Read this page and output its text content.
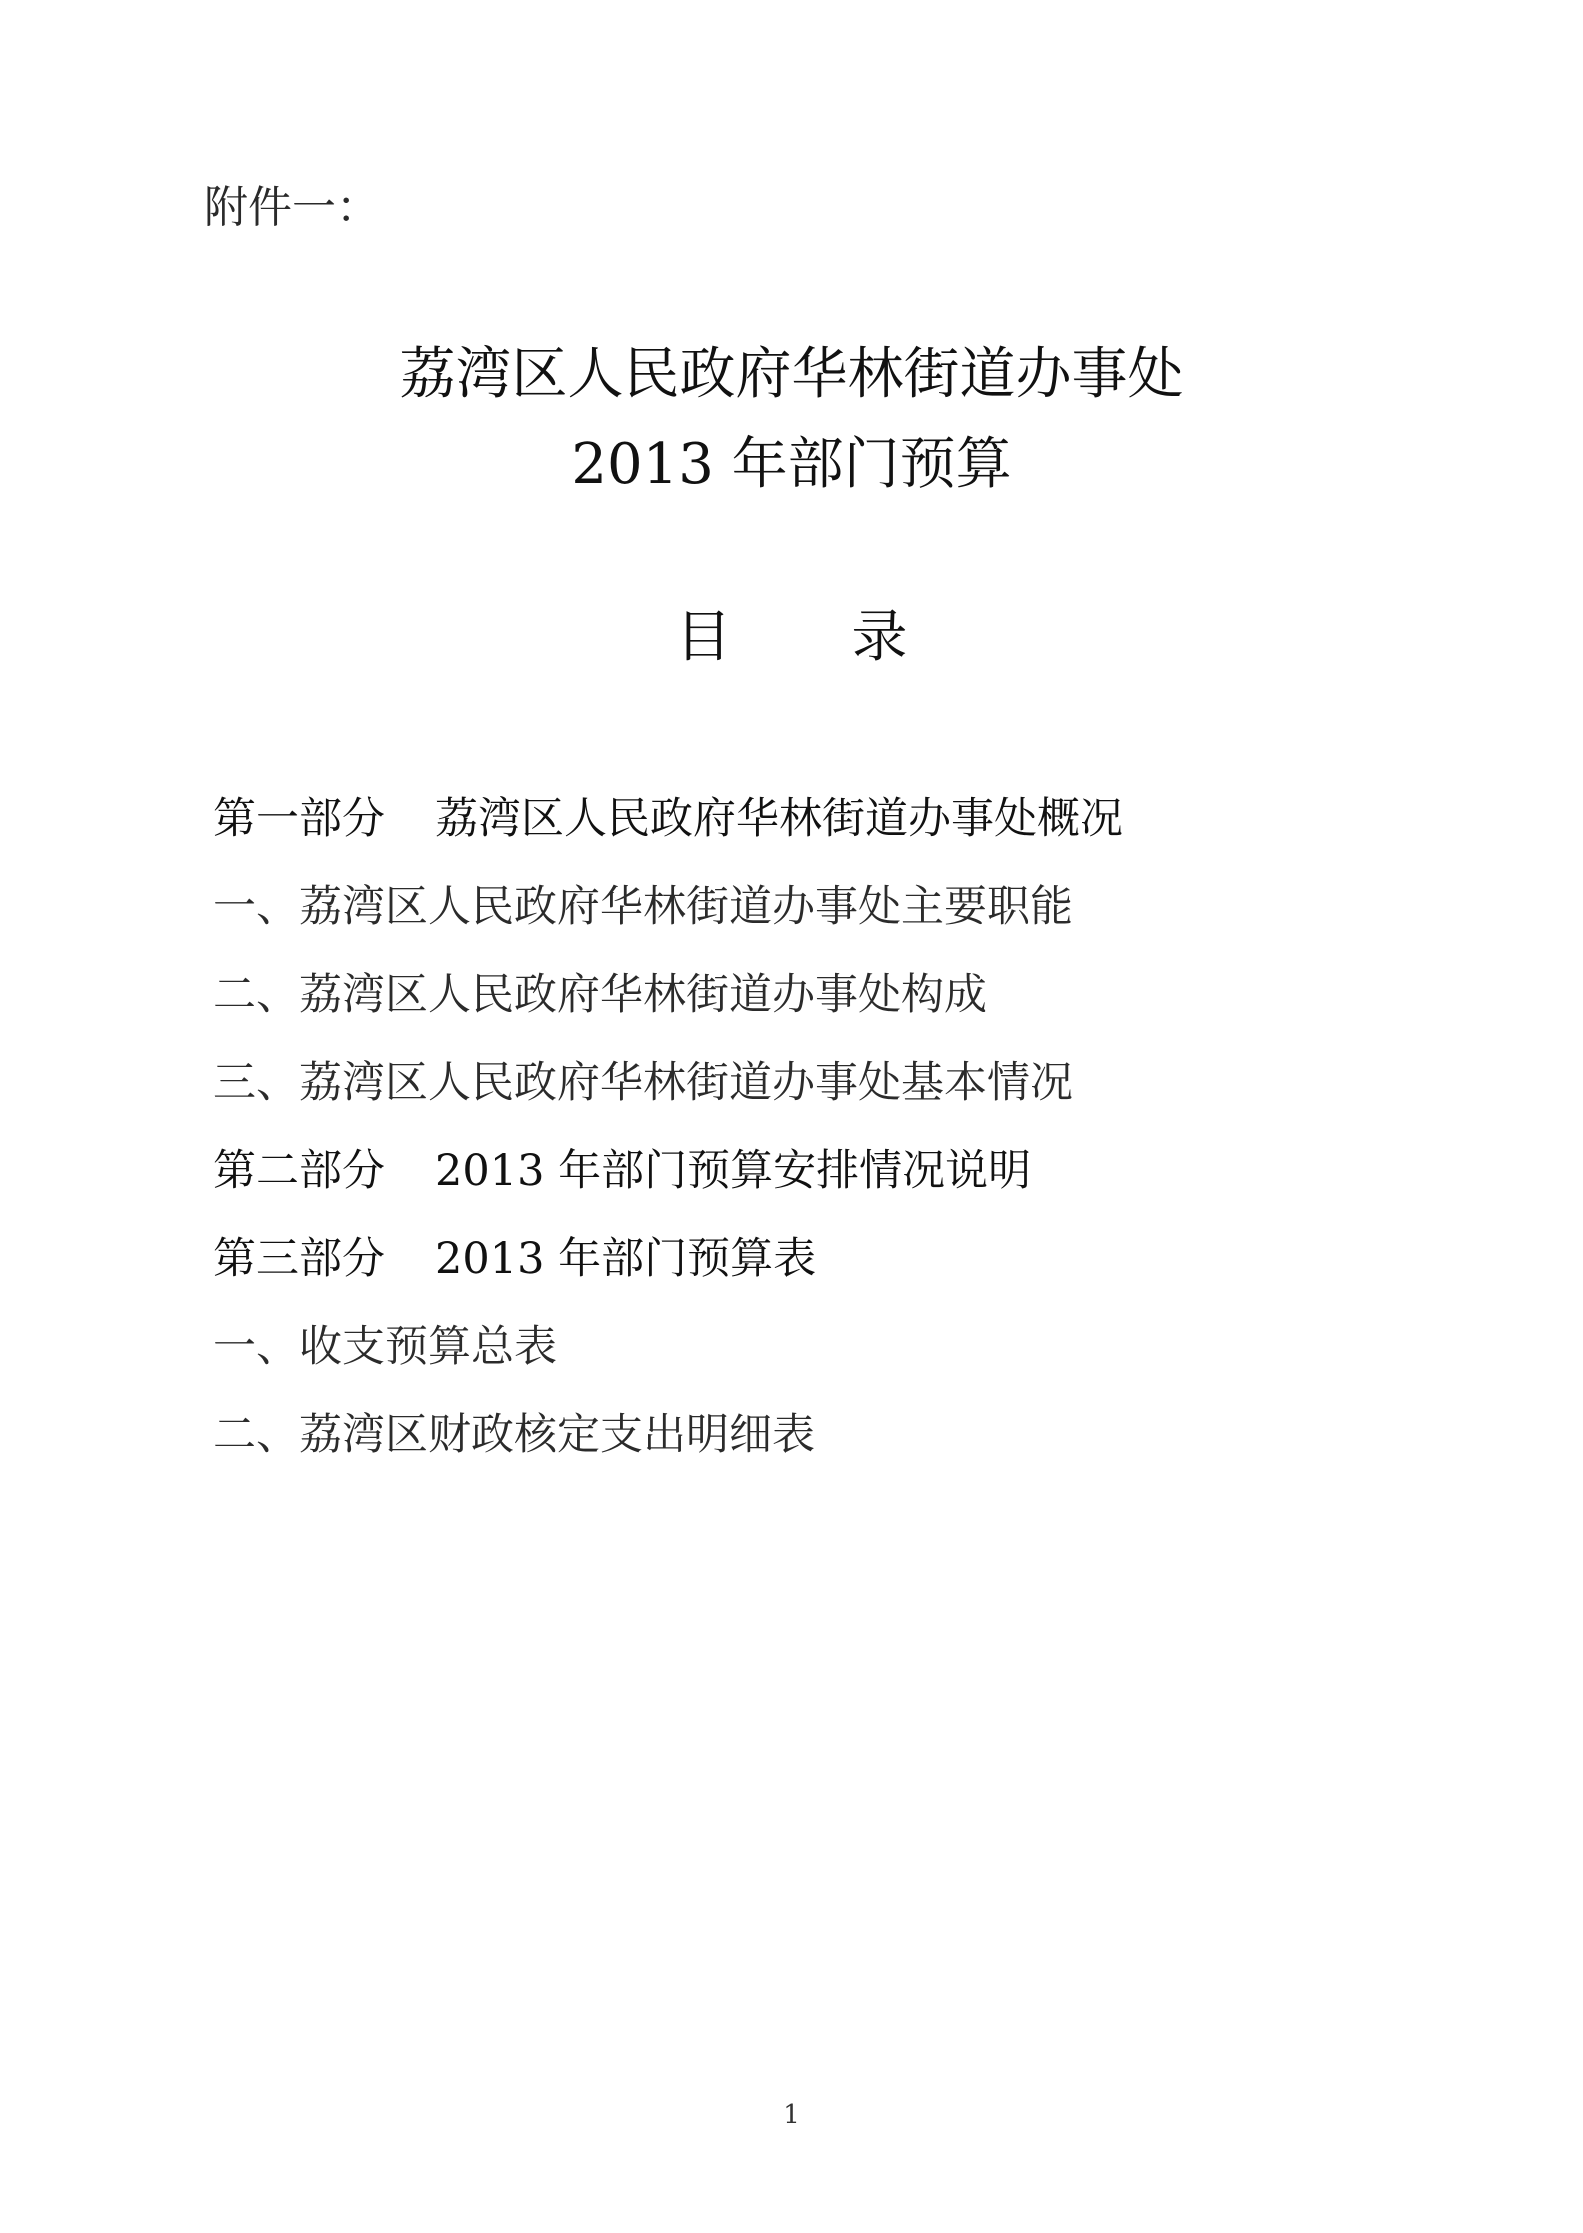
附件一：
荔湾区人民政府华林街道办事处
2013 年部门预算
目录
第一部分 荔湾区人民政府华林街道办事处概况
一、荔湾区人民政府华林街道办事处主要职能
二、荔湾区人民政府华林街道办事处构成
三、荔湾区人民政府华林街道办事处基本情况
第二部分 2013 年部门预算安排情况说明
第三部分 2013 年部门预算表
一、收支预算总表
二、荔湾区财政核定支出明细表
1
